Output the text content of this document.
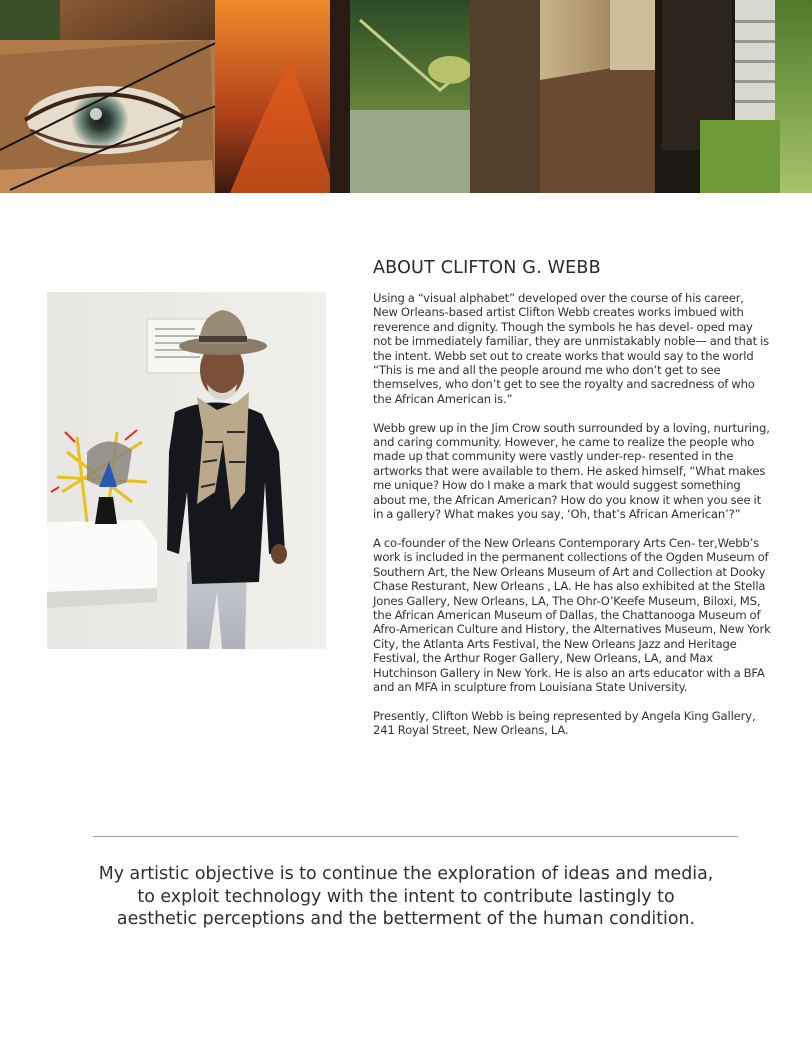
ABOUT CLIFTON G. WEBB

Using a “visual alphabet” developed over the course of his career, New Orleans-based artist Clifton Webb creates works imbued with reverence and dignity. Though the symbols he has devel- oped may not be immediately familiar, they are unmistakably noble— and that is the intent. Webb set out to create works that would say to the world “This is me and all the people around me who don’t get to see themselves, who don’t get to see the royalty and sacredness of who the African American is.”

Webb grew up in the Jim Crow south surrounded by a loving, nurturing, and caring community. However, he came to realize the people who made up that community were vastly under-rep- resented in the artworks that were available to them. He asked himself, “What makes me unique? How do I make a mark that would suggest something about me, the African American? How do you know it when you see it in a gallery? What makes you say, ‘Oh, that’s African American’?”

A co-founder of the New Orleans Contemporary Arts Cen- ter,Webb’s work is included in the permanent collections of the Ogden Museum of Southern Art, the New Orleans Museum of Art and Collection at Dooky Chase Resturant, New Orleans , LA. He has also exhibited at the Stella Jones Gallery, New Orleans, LA, The Ohr-O’Keefe Museum, Biloxi, MS, the African American Museum of Dallas, the Chattanooga Museum of Afro-American Culture and History, the Alternatives Museum, New York City, the Atlanta Arts Festival, the New Orleans Jazz and Heritage Festival, the Arthur Roger Gallery, New Orleans, LA, and Max Hutchinson Gallery in New York. He is also an arts educator with a BFA and an MFA in sculpture from Louisiana State University.

Presently, Clifton Webb is being represented by Angela King Gallery, 241 Royal Street, New Orleans, LA.

My artistic objective is to continue the exploration of ideas and media,
to exploit technology with the intent to contribute lastingly to
aesthetic perceptions and the betterment of the human condition.
